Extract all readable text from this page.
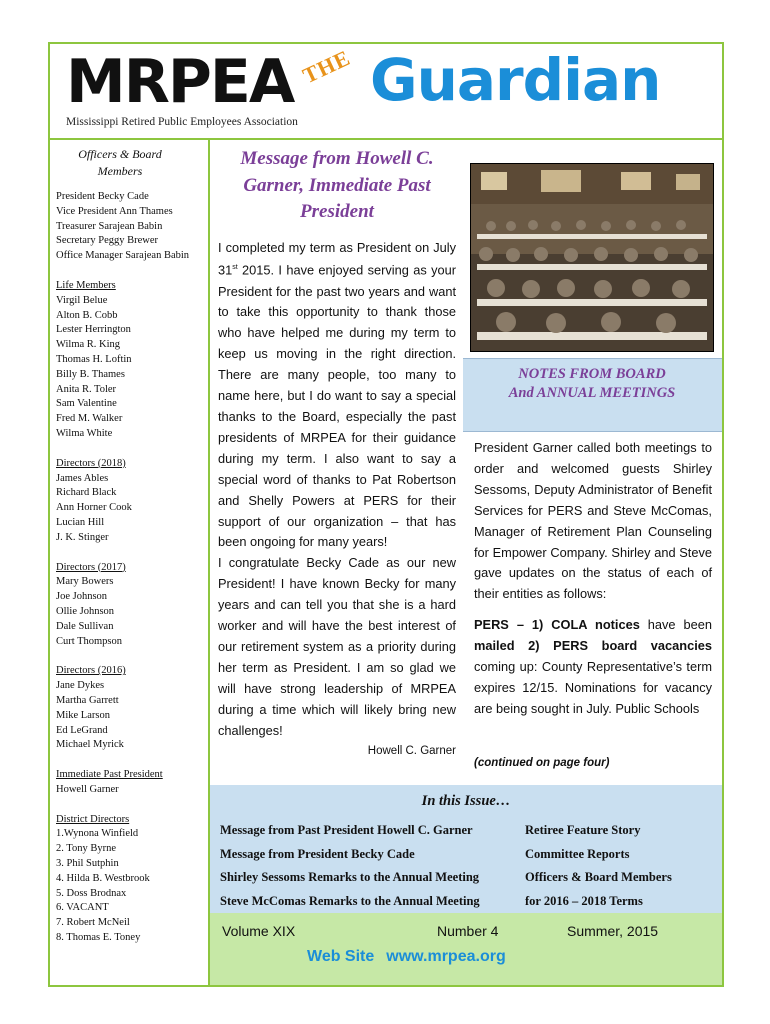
MRPEA THE Guardian
Mississippi Retired Public Employees Association
Officers & Board Members
President Becky Cade
Vice President Ann Thames
Treasurer Sarajean Babin
Secretary Peggy Brewer
Office Manager Sarajean Babin
Life Members
Virgil Belue
Alton B. Cobb
Lester Herrington
Wilma R. King
Thomas H. Loftin
Billy B. Thames
Anita R. Toler
Sam Valentine
Fred M. Walker
Wilma White
Directors (2018)
James Ables
Richard Black
Ann Horner Cook
Lucian Hill
J. K. Stinger
Directors (2017)
Mary Bowers
Joe Johnson
Ollie Johnson
Dale Sullivan
Curt Thompson
Directors (2016)
Jane Dykes
Martha Garrett
Mike Larson
Ed LeGrand
Michael Myrick
Immediate Past President
Howell Garner
District Directors
1.Wynona Winfield
2. Tony Byrne
3. Phil Sutphin
4. Hilda B. Westbrook
5. Doss Brodnax
6. VACANT
7. Robert McNeil
8. Thomas E. Toney
Message from Howell C. Garner, Immediate Past President
I completed my term as President on July 31st 2015. I have enjoyed serving as your President for the past two years and want to take this opportunity to thank those who have helped me during my term to keep us moving in the right direction. There are many people, too many to name here, but I do want to say a special thanks to the Board, especially the past presidents of MRPEA for their guidance during my term. I also want to say a special word of thanks to Pat Robertson and Shelly Powers at PERS for their support of our organization – that has been ongoing for many years!
I congratulate Becky Cade as our new President! I have known Becky for many years and can tell you that she is a hard worker and will have the best interest of our retirement system as a priority during her term as President. I am so glad we will have strong leadership of MRPEA during a time which will likely bring new challenges!
Howell C. Garner
NOTES FROM BOARD And ANNUAL MEETINGS
President Garner called both meetings to order and welcomed guests Shirley Sessoms, Deputy Administrator of Benefit Services for PERS and Steve McComas, Manager of Retirement Plan Counseling for Empower Company. Shirley and Steve gave updates on the status of each of their entities as follows:
PERS – 1) COLA notices have been mailed 2) PERS board vacancies coming up: County Representative’s term expires 12/15. Nominations for vacancy are being sought in July. Public Schools
(continued on page four)
In this Issue…
Message from Past President Howell C. Garner	Retiree Feature Story
Message from President Becky Cade	Committee Reports
Shirley Sessoms Remarks to the Annual Meeting	Officers & Board Members
Steve McComas Remarks to the Annual Meeting	for 2016 – 2018 Terms
Volume XIX	Number 4	Summer, 2015
Web Site www.mrpea.org
